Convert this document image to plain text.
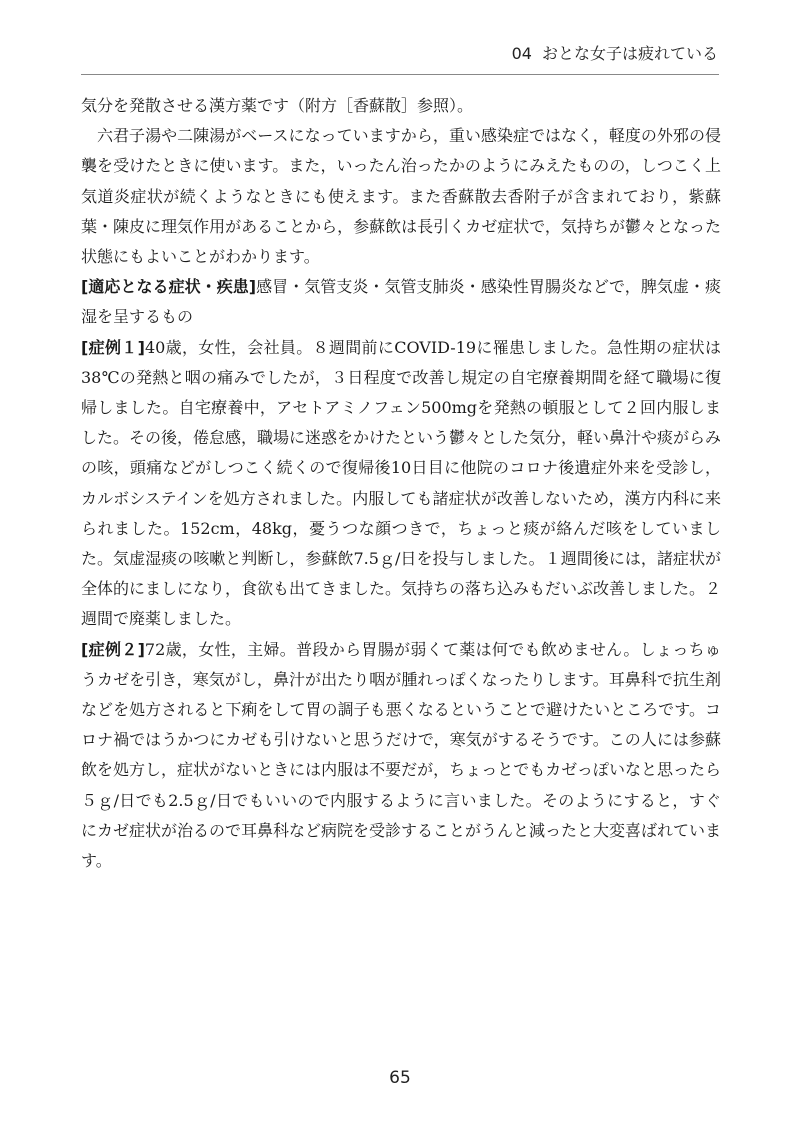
04 おとな女子は疲れている

気分を発散させる漢方薬です（附方［香蘇散］参照）。

六君子湯や二陳湯がベースになっていますから，重い感染症ではなく，軽度の外邪の侵襲を受けたときに使います。また，いったん治ったかのようにみえたものの，しつこく上気道炎症状が続くようなときにも使えます。また香蘇散去香附子が含まれており，紫蘇葉・陳皮に理気作用があることから，参蘇飲は長引くカゼ症状で，気持ちが鬱々となった状態にもよいことがわかります。

[適応となる症状・疾患]感冒・気管支炎・気管支肺炎・感染性胃腸炎などで，脾気虚・痰湿を呈するもの

[症例１]40歳，女性，会社員。８週間前にCOVID-19に罹患しました。急性期の症状は38℃の発熱と咽の痛みでしたが，３日程度で改善し規定の自宅療養期間を経て職場に復帰しました。自宅療養中，アセトアミノフェン500mgを発熱の頓服として２回内服しました。その後，倦怠感，職場に迷惑をかけたという鬱々とした気分，軽い鼻汁や痰がらみの咳，頭痛などがしつこく続くので復帰後10日目に他院のコロナ後遺症外来を受診し，カルボシステインを処方されました。内服しても諸症状が改善しないため，漢方内科に来られました。152cm，48kg，憂うつな顔つきで，ちょっと痰が絡んだ咳をしていました。気虚湿痰の咳嗽と判断し，参蘇飲7.5ｇ/日を投与しました。１週間後には，諸症状が全体的にましになり，食欲も出てきました。気持ちの落ち込みもだいぶ改善しました。２週間で廃薬しました。

[症例２]72歳，女性，主婦。普段から胃腸が弱くて薬は何でも飲めません。しょっちゅうカゼを引き，寒気がし，鼻汁が出たり咽が腫れっぽくなったりします。耳鼻科で抗生剤などを処方されると下痢をして胃の調子も悪くなるということで避けたいところです。コロナ禍ではうかつにカゼも引けないと思うだけで，寒気がするそうです。この人には参蘇飲を処方し，症状がないときには内服は不要だが，ちょっとでもカゼっぽいなと思ったら５ｇ/日でも2.5ｇ/日でもいいので内服するように言いました。そのようにすると，すぐにカゼ症状が治るので耳鼻科など病院を受診することがうんと減ったと大変喜ばれています。

65
